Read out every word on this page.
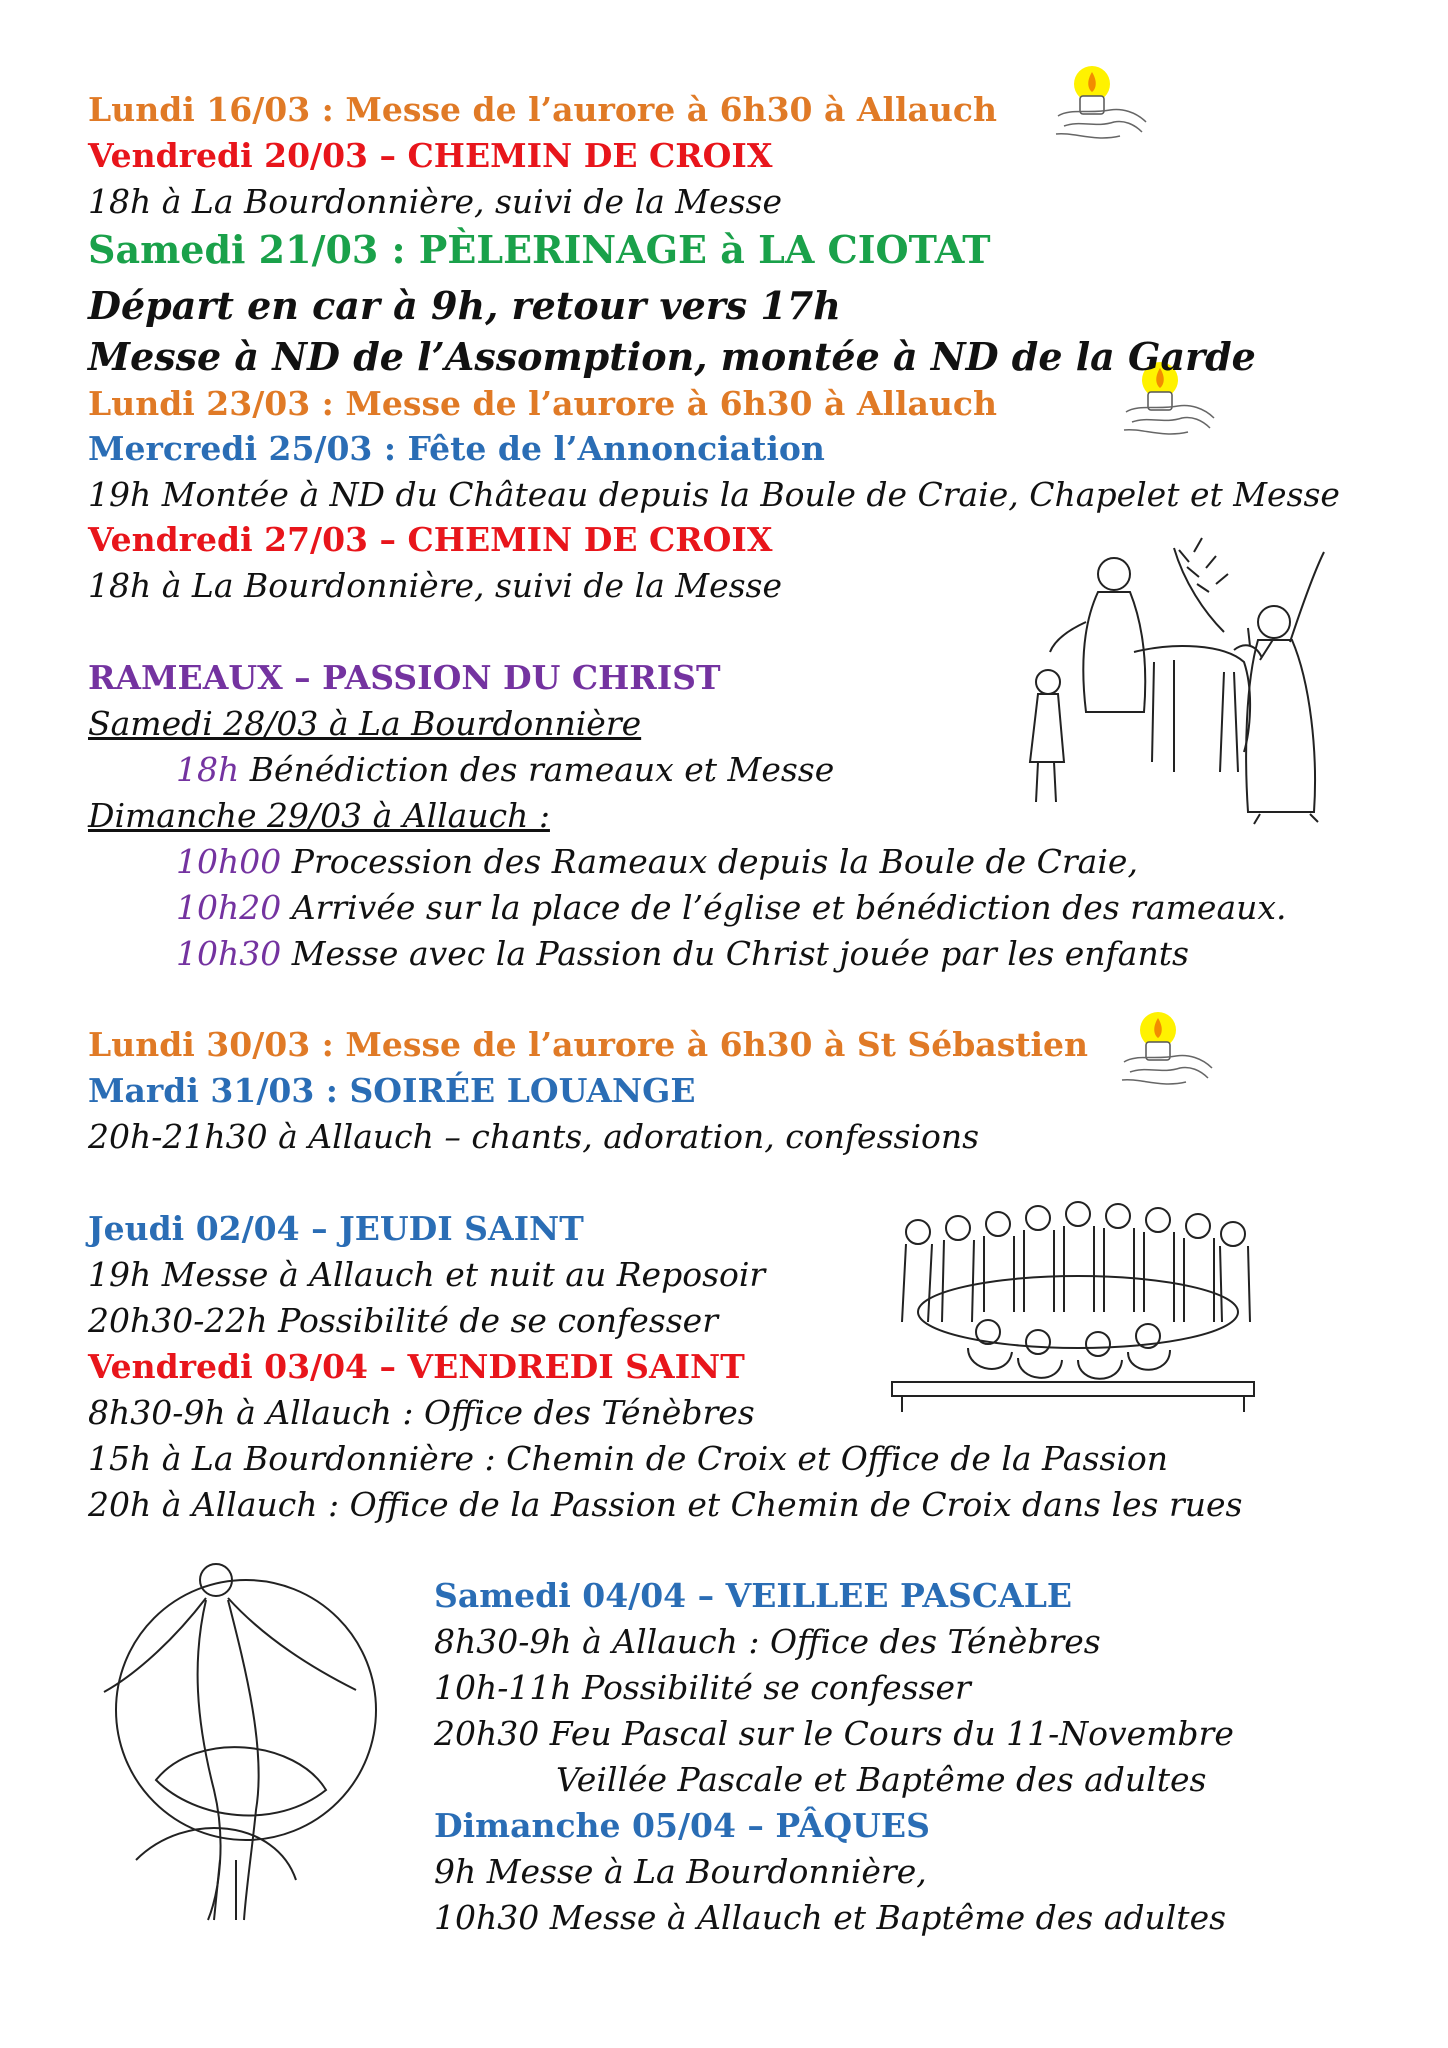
Lundi 16/03 : Messe de l’aurore à 6h30 à Allauch
Vendredi 20/03 – CHEMIN DE CROIX
18h à La Bourdonnière, suivi de la Messe
Samedi 21/03 : PÈLERINAGE à LA CIOTAT
Départ en car à 9h, retour vers 17h
Messe à ND de l’Assomption, montée à ND de la Garde
Lundi 23/03 : Messe de l’aurore à 6h30 à Allauch
Mercredi 25/03 : Fête de l’Annonciation
19h Montée à ND du Château depuis la Boule de Craie, Chapelet et Messe
Vendredi 27/03 – CHEMIN DE CROIX
18h à La Bourdonnière, suivi de la Messe
RAMEAUX – PASSION DU CHRIST
Samedi 28/03 à La Bourdonnière
18h Bénédiction des rameaux et Messe
Dimanche 29/03 à Allauch :
10h00 Procession des Rameaux depuis la Boule de Craie,
10h20 Arrivée sur la place de l’église et bénédiction des rameaux.
10h30 Messe avec la Passion du Christ jouée par les enfants
Lundi 30/03 : Messe de l’aurore à 6h30 à St Sébastien
Mardi 31/03 : SOIRÉE LOUANGE
20h-21h30 à Allauch – chants, adoration, confessions
Jeudi 02/04 – JEUDI SAINT
19h Messe à Allauch et nuit au Reposoir
20h30-22h Possibilité de se confesser
Vendredi 03/04 – VENDREDI SAINT
8h30-9h à Allauch : Office des Ténèbres
15h à La Bourdonnière : Chemin de Croix et Office de la Passion
20h à Allauch : Office de la Passion et Chemin de Croix dans les rues
Samedi 04/04 – VEILLEE PASCALE
8h30-9h à Allauch : Office des Ténèbres
10h-11h Possibilité se confesser
20h30 Feu Pascal sur le Cours du 11-Novembre
Veillée Pascale et Baptême des adultes
Dimanche 05/04 – PÂQUES
9h Messe à La Bourdonnière,
10h30 Messe à Allauch et Baptême des adultes
